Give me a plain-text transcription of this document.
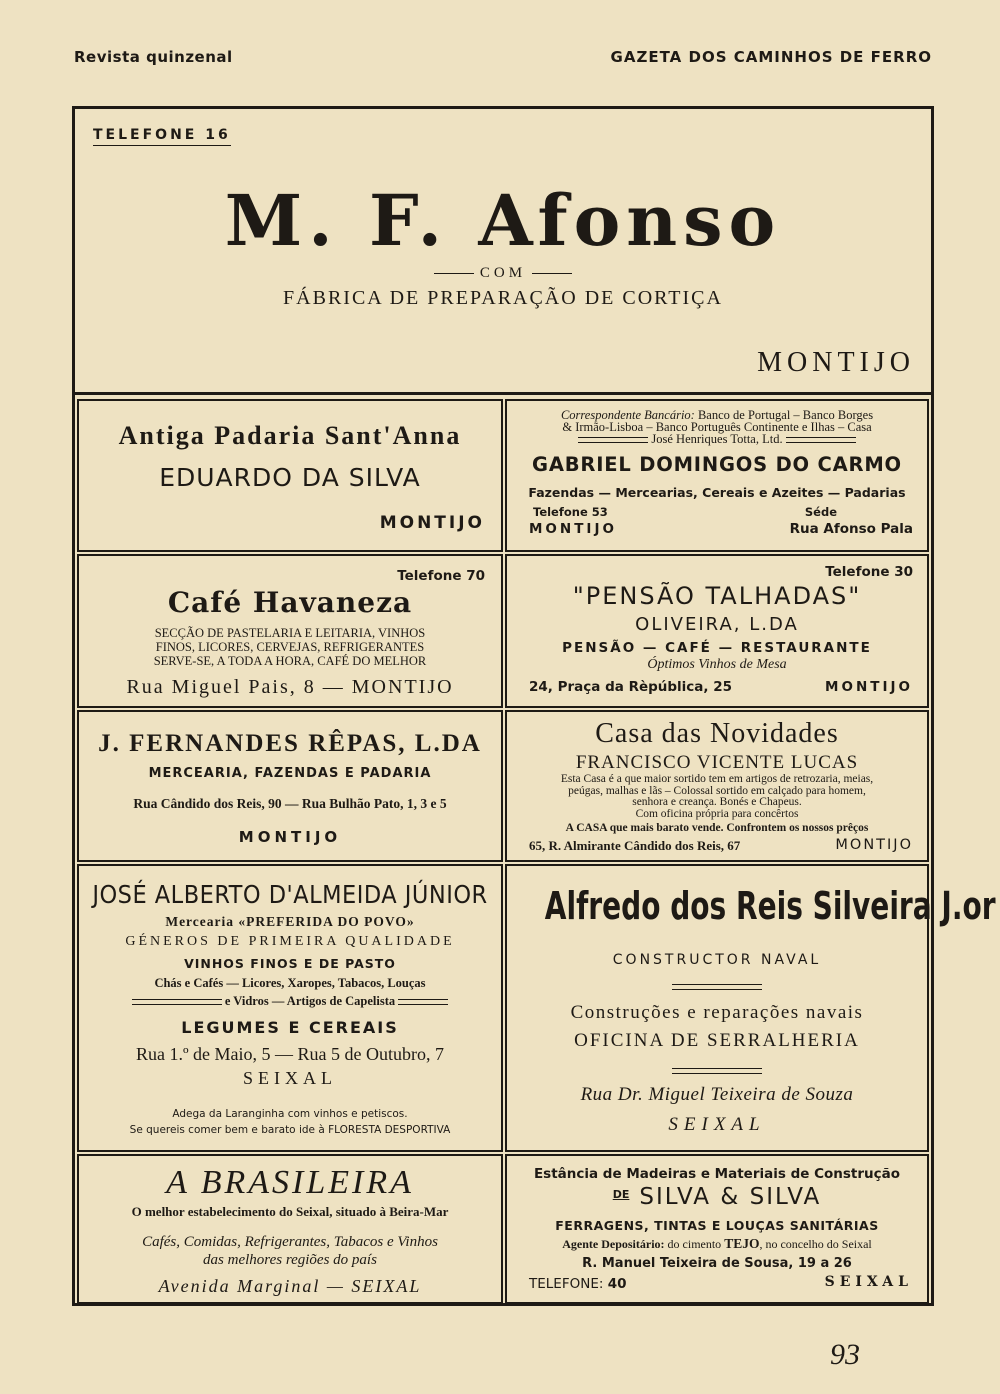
Revista quinzenal	GAZETA DOS CAMINHOS DE FERRO
TELEFONE 16
M. F. Afonso
COM
FÁBRICA DE PREPARAÇÃO DE CORTIÇA
MONTIJO
Antiga Padaria Sant'Anna
EDUARDO DA SILVA
MONTIJO
Correspondente Bancário: Banco de Portugal – Banco Borges
& Irmão-Lisboa – Banco Português Continente e Ilhas – Casa
José Henriques Totta, Ltd.
GABRIEL DOMINGOS DO CARMO
Fazendas — Mercearias, Cereais e Azeites — Padarias
Telefone 53
MONTIJO
Séde
Rua Afonso Pala
Telefone 70
Café Havaneza
SECÇÃO DE PASTELARIA E LEITARIA, VINHOS
FINOS, LICORES, CERVEJAS, REFRIGERANTES
SERVE-SE, A TODA A HORA, CAFÉ DO MELHOR
Rua Miguel Pais, 8 — MONTIJO
Telefone 30
"PENSÃO TALHADAS"
OLIVEIRA, L.DA
PENSÃO — CAFÉ — RESTAURANTE
Óptimos Vinhos de Mesa
24, Praça da Rèpública, 25	MONTIJO
J. FERNANDES RÊPAS, L.DA
MERCEARIA, FAZENDAS E PADARIA
Rua Cândido dos Reis, 90 — Rua Bulhão Pato, 1, 3 e 5
MONTIJO
Casa das Novidades
FRANCISCO VICENTE LUCAS
Esta Casa é a que maior sortido tem em artigos de retrozaria, meias,
peúgas, malhas e lãs – Colossal sortido em calçado para homem,
senhora e creança. Bonés e Chapeus.
Com oficina própria para concêrtos
A CASA que mais barato vende. Confrontem os nossos prêços
65, R. Almirante Cândido dos Reis, 67	MONTIJO
JOSÉ ALBERTO D'ALMEIDA JÚNIOR
Mercearia «PREFERIDA DO POVO»
GÉNEROS DE PRIMEIRA QUALIDADE
VINHOS FINOS E DE PASTO
Chás e Cafés — Licores, Xaropes, Tabacos, Louças
e Vidros — Artigos de Capelista
LEGUMES E CEREAIS
Rua 1.º de Maio, 5 — Rua 5 de Outubro, 7
SEIXAL
Adega da Laranginha com vinhos e petiscos.
Se quereis comer bem e barato ide à FLORESTA DESPORTIVA
Alfredo dos Reis Silveira J.or
CONSTRUCTOR NAVAL
Construções e reparações navais
OFICINA DE SERRALHERIA
Rua Dr. Miguel Teixeira de Souza
SEIXAL
A BRASILEIRA
O melhor estabelecimento do Seixal, situado à Beira-Mar
Cafés, Comidas, Refrigerantes, Tabacos e Vinhos
das melhores regiões do país
Avenida Marginal — SEIXAL
Estância de Madeiras e Materiais de Construção
$^{DE}$ SILVA & SILVA
FERRAGENS, TINTAS E LOUÇAS SANITÁRIAS
Agente Depositário: do cimento TEJO, no concelho do Seixal
R. Manuel Teixeira de Sousa, 19 a 26
TELEFONE: 40	SEIXAL
93
